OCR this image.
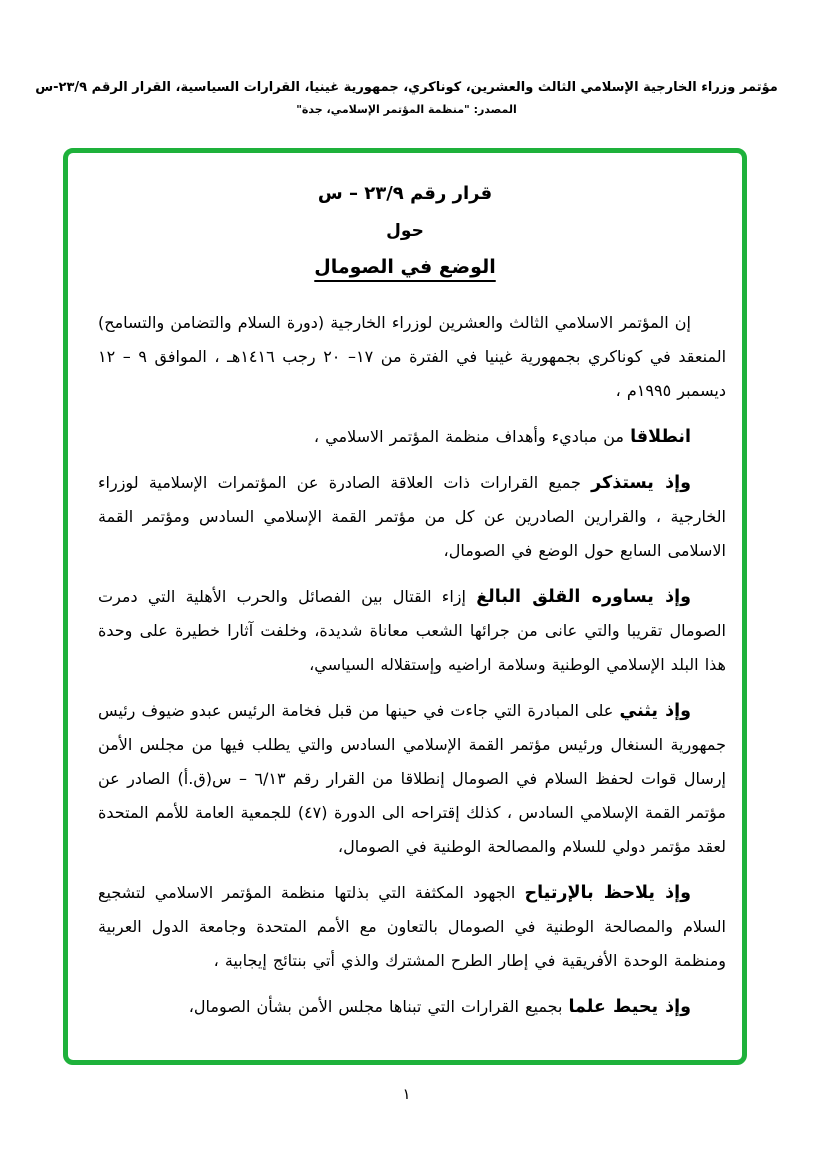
مؤتمر وزراء الخارجية الإسلامي الثالث والعشرين، كوناكري، جمهورية غينيا، القرارات السياسية، القرار الرقم ٢٣/٩-س
المصدر: "منظمة المؤتمر الإسلامي، جدة"
قرار رقم ٢٣/٩ – س
حول
الوضع في الصومال

إن المؤتمر الاسلامي الثالث والعشرين لوزراء الخارجية (دورة السلام والتضامن والتسامح) المنعقد في كوناكري بجمهورية غينيا في الفترة من ١٧– ٢٠ رجب ١٤١٦هـ ، الموافق ٩ – ١٢ ديسمبر ١٩٩٥م ،

انطلاقا من مباديء وأهداف منظمة المؤتمر الاسلامي ،

وإذ يستذكر جميع القرارات ذات العلاقة الصادرة عن المؤتمرات الإسلامية لوزراء الخارجية ، والقرارين الصادرين عن كل من مؤتمر القمة الإسلامي السادس ومؤتمر القمة الاسلامى السابع حول الوضع في الصومال،

وإذ يساوره القلق البالغ إزاء القتال بين الفصائل والحرب الأهلية التي دمرت الصومال تقريبا والتي عانى من جرائها الشعب معاناة شديدة، وخلفت آثارا خطيرة على وحدة هذا البلد الإسلامي الوطنية وسلامة اراضيه وإستقلاله السياسي،

وإذ يثني على المبادرة التي جاءت في حينها من قبل فخامة الرئيس عبدو ضيوف رئيس جمهورية السنغال ورئيس مؤتمر القمة الإسلامي السادس والتي يطلب فيها من مجلس الأمن إرسال قوات لحفظ السلام في الصومال إنطلاقا من القرار رقم ٦/١٣ – س(ق.أ) الصادر عن مؤتمر القمة الإسلامي السادس ، كذلك إقتراحه الى الدورة (٤٧) للجمعية العامة للأمم المتحدة لعقد مؤتمر دولي للسلام والمصالحة الوطنية في الصومال،

وإذ يلاحظ بالإرتياح الجهود المكثفة التي بذلتها منظمة المؤتمر الاسلامي لتشجيع السلام والمصالحة الوطنية في الصومال بالتعاون مع الأمم المتحدة وجامعة الدول العربية ومنظمة الوحدة الأفريقية في إطار الطرح المشترك والذي أتي بنتائج إيجابية ،

وإذ يحيط علما بجميع القرارات التي تبناها مجلس الأمن بشأن الصومال،

١
